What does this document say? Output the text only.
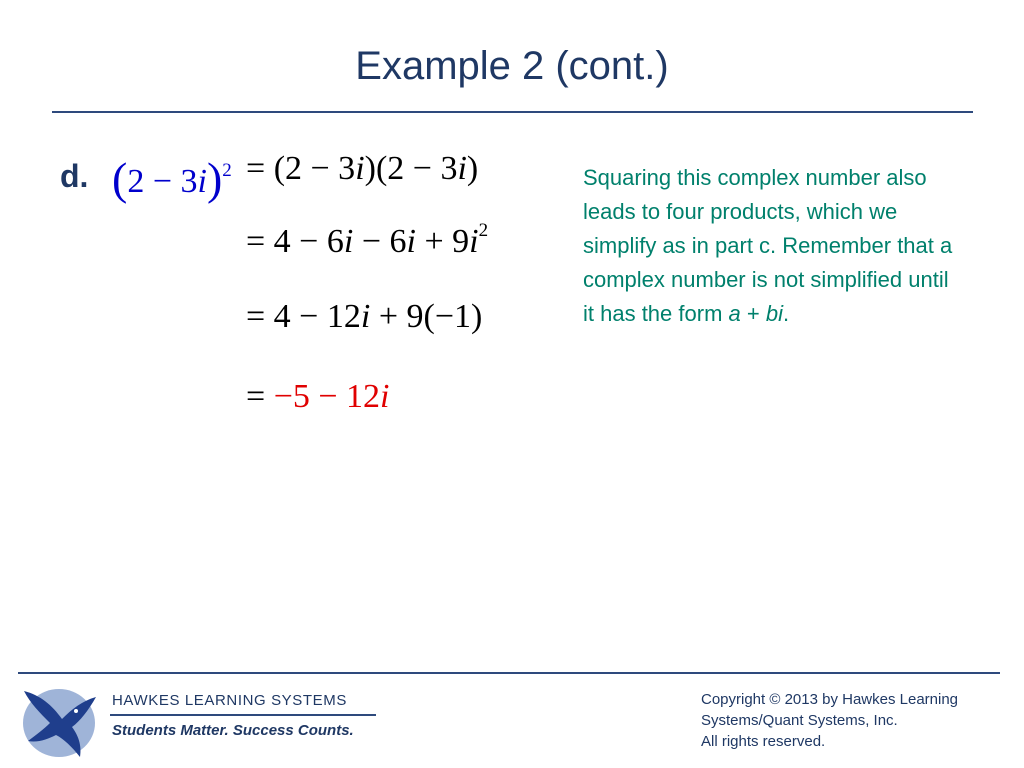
Example 2 (cont.)
d. $(2 - 3i)^2 = (2 - 3i)(2 - 3i)$
= $4 - 6i - 6i + 9i^2$
= 4 − 12i + 9(−1)
= −5 − 12i
Squaring this complex number also leads to four products, which we simplify as in part c. Remember that a complex number is not simplified until it has the form a + bi.
HAWKES LEARNING SYSTEMS
Students Matter. Success Counts.
Copyright © 2013 by Hawkes Learning
Systems/Quant Systems, Inc.
All rights reserved.
